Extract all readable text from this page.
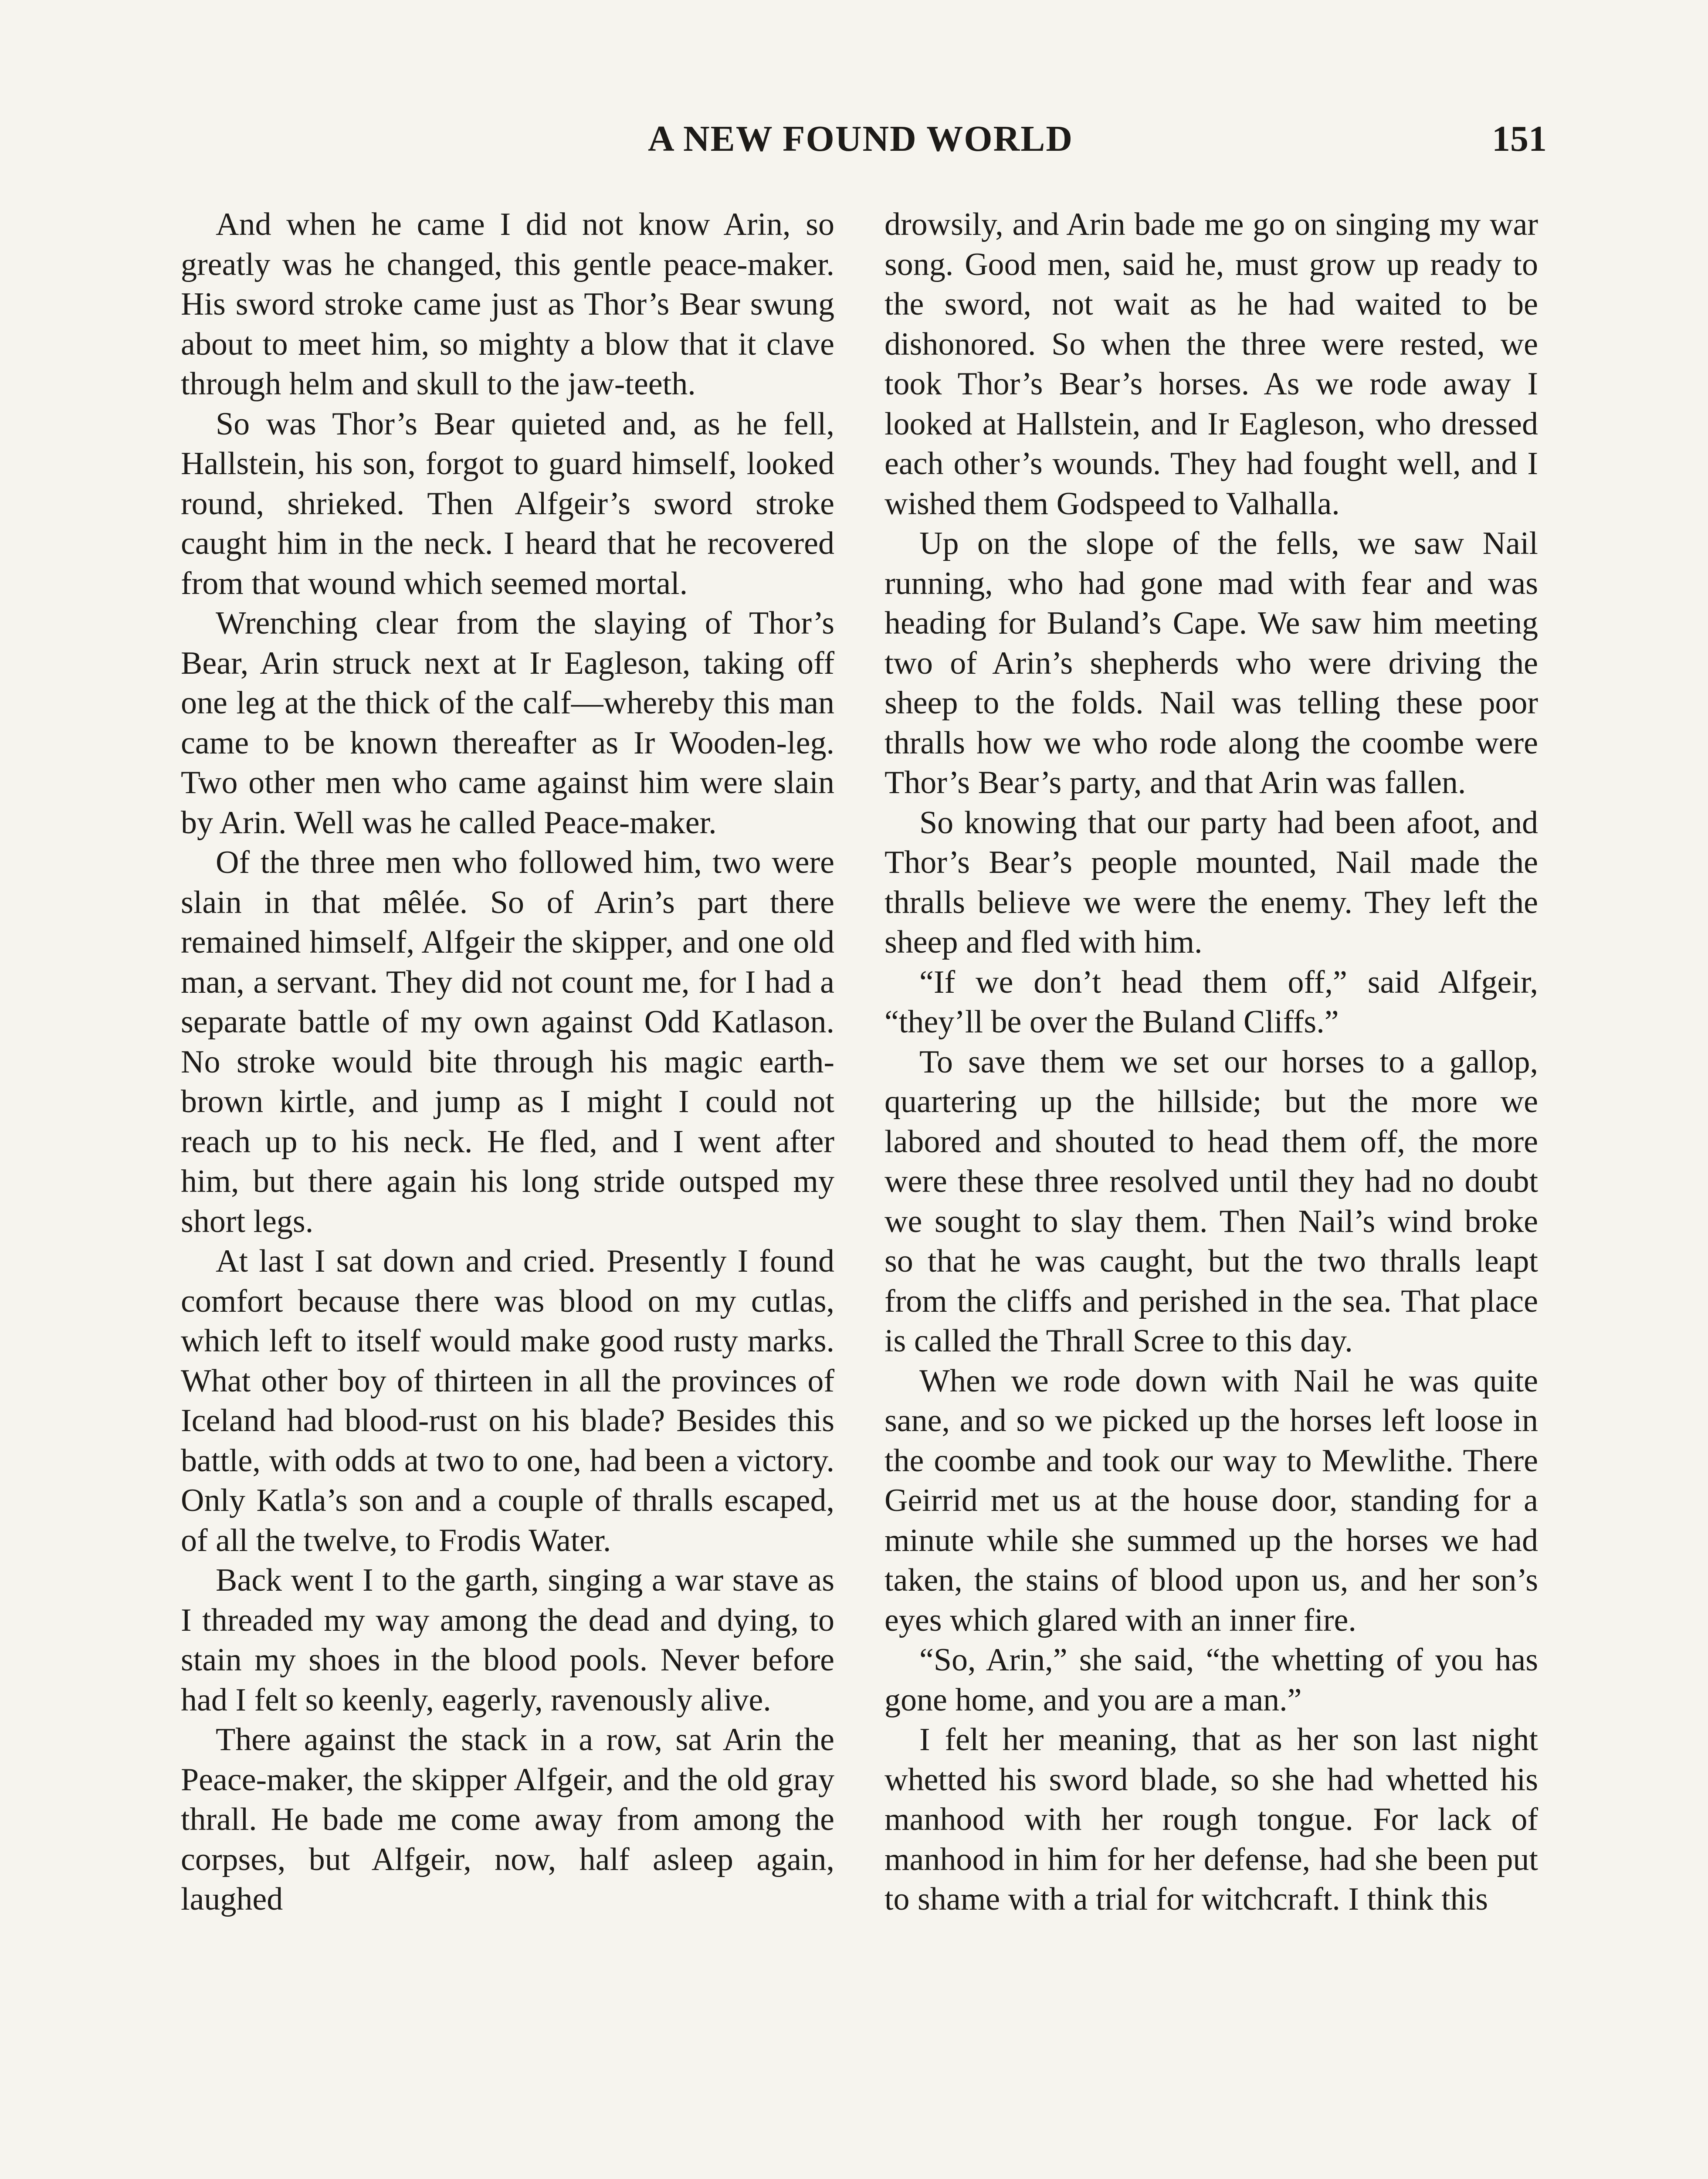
A NEW FOUND WORLD	151

And when he came I did not know Arin, so greatly was he changed, this gentle peace-maker. His sword stroke came just as Thor’s Bear swung about to meet him, so mighty a blow that it clave through helm and skull to the jaw-teeth.

So was Thor’s Bear quieted and, as he fell, Hallstein, his son, forgot to guard himself, looked round, shrieked. Then Alfgeir’s sword stroke caught him in the neck. I heard that he recovered from that wound which seemed mortal.

Wrenching clear from the slaying of Thor’s Bear, Arin struck next at Ir Eagleson, taking off one leg at the thick of the calf—whereby this man came to be known thereafter as Ir Wooden-leg. Two other men who came against him were slain by Arin. Well was he called Peace-maker.

Of the three men who followed him, two were slain in that mêlée. So of Arin’s part there remained himself, Alfgeir the skipper, and one old man, a servant. They did not count me, for I had a separate battle of my own against Odd Katlason. No stroke would bite through his magic earth-brown kirtle, and jump as I might I could not reach up to his neck. He fled, and I went after him, but there again his long stride outsped my short legs.

At last I sat down and cried. Presently I found comfort because there was blood on my cutlas, which left to itself would make good rusty marks. What other boy of thirteen in all the provinces of Iceland had blood-rust on his blade? Besides this battle, with odds at two to one, had been a victory. Only Katla’s son and a couple of thralls escaped, of all the twelve, to Frodis Water.

Back went I to the garth, singing a war stave as I threaded my way among the dead and dying, to stain my shoes in the blood pools. Never before had I felt so keenly, eagerly, ravenously alive.

There against the stack in a row, sat Arin the Peace-maker, the skipper Alfgeir, and the old gray thrall. He bade me come away from among the corpses, but Alfgeir, now, half asleep again, laughed

drowsily, and Arin bade me go on singing my war song. Good men, said he, must grow up ready to the sword, not wait as he had waited to be dishonored. So when the three were rested, we took Thor’s Bear’s horses. As we rode away I looked at Hallstein, and Ir Eagleson, who dressed each other’s wounds. They had fought well, and I wished them Godspeed to Valhalla.

Up on the slope of the fells, we saw Nail running, who had gone mad with fear and was heading for Buland’s Cape. We saw him meeting two of Arin’s shepherds who were driving the sheep to the folds. Nail was telling these poor thralls how we who rode along the coombe were Thor’s Bear’s party, and that Arin was fallen.

So knowing that our party had been afoot, and Thor’s Bear’s people mounted, Nail made the thralls believe we were the enemy. They left the sheep and fled with him.

“If we don’t head them off,” said Alfgeir, “they’ll be over the Buland Cliffs.”

To save them we set our horses to a gallop, quartering up the hillside; but the more we labored and shouted to head them off, the more were these three resolved until they had no doubt we sought to slay them. Then Nail’s wind broke so that he was caught, but the two thralls leapt from the cliffs and perished in the sea. That place is called the Thrall Scree to this day.

When we rode down with Nail he was quite sane, and so we picked up the horses left loose in the coombe and took our way to Mewlithe. There Geirrid met us at the house door, standing for a minute while she summed up the horses we had taken, the stains of blood upon us, and her son’s eyes which glared with an inner fire.

“So, Arin,” she said, “the whetting of you has gone home, and you are a man.”

I felt her meaning, that as her son last night whetted his sword blade, so she had whetted his manhood with her rough tongue. For lack of manhood in him for her defense, had she been put to shame with a trial for witchcraft. I think this
